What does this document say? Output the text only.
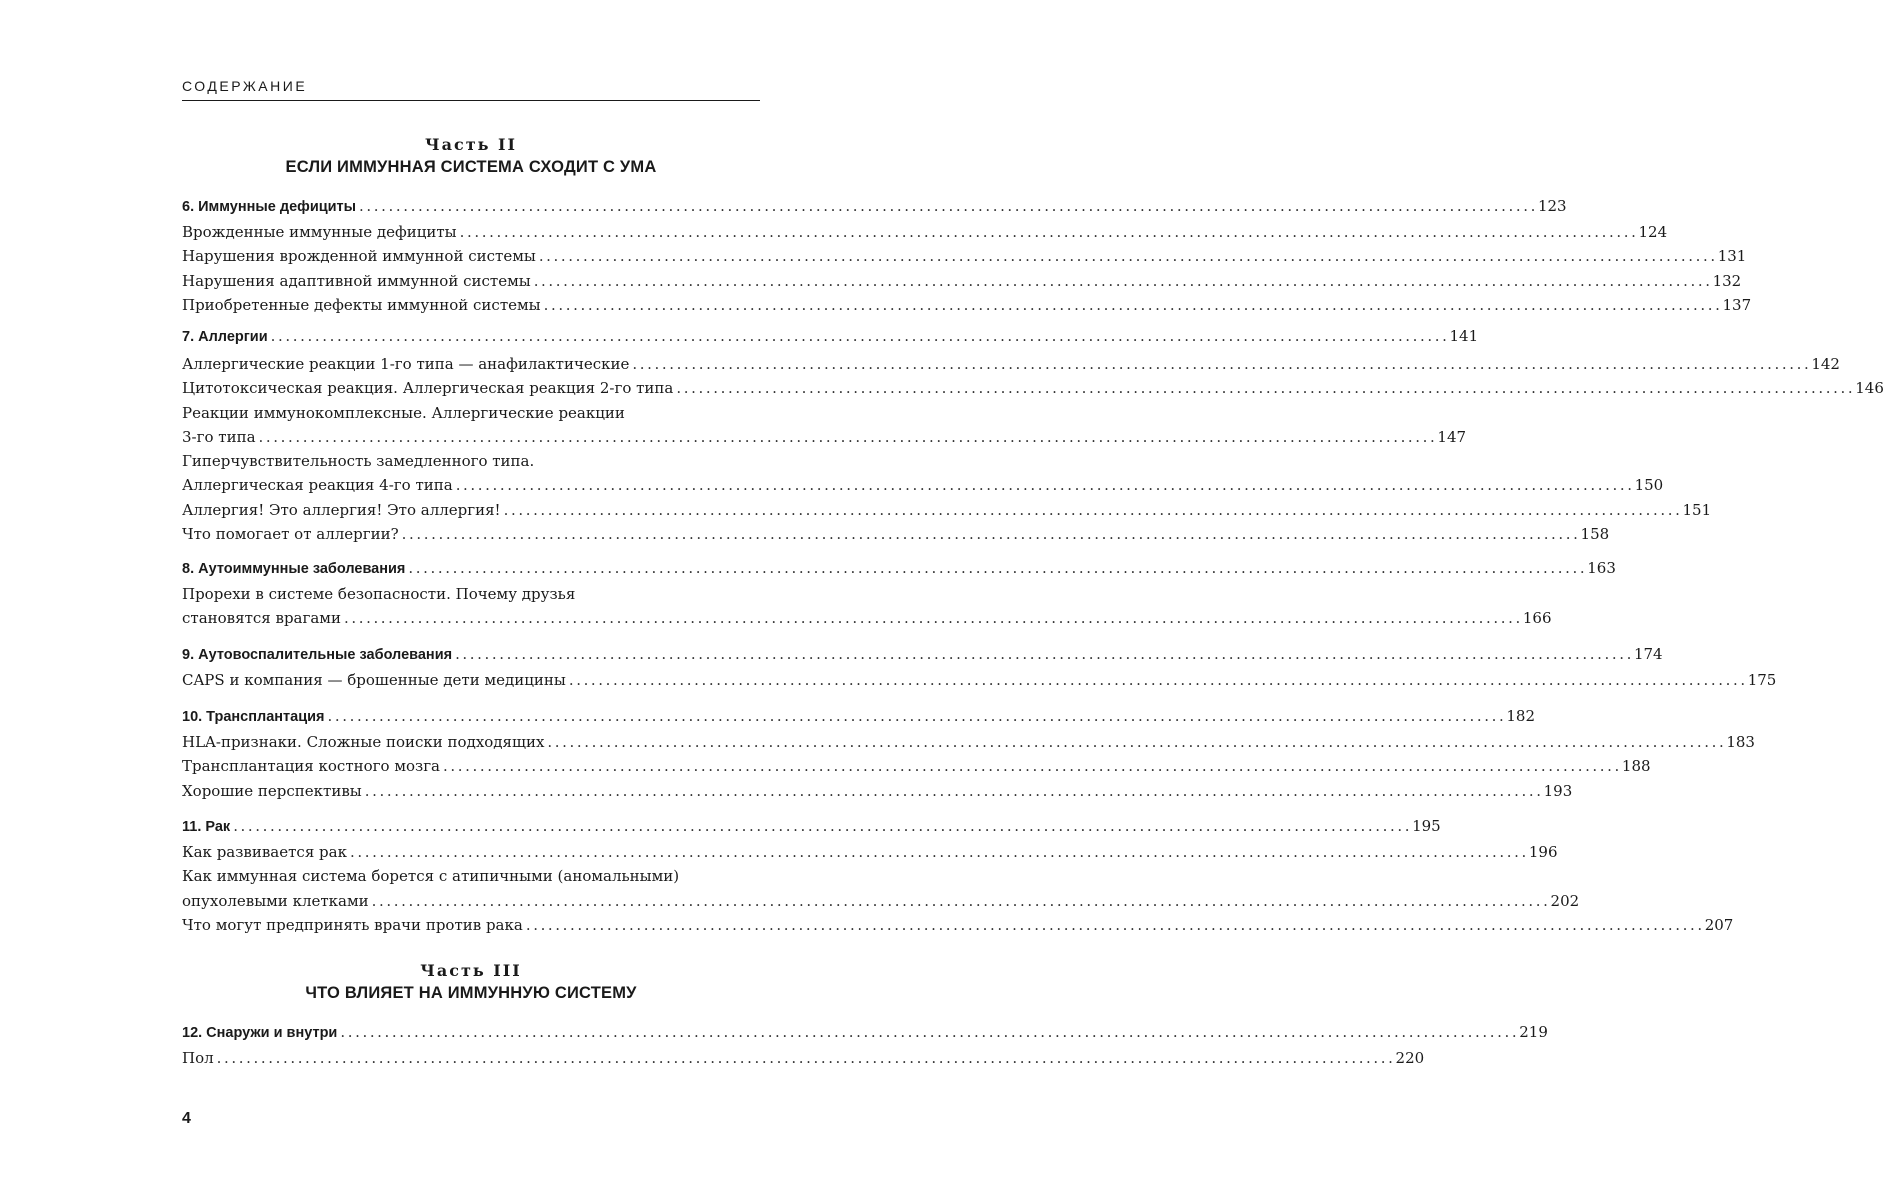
СОДЕРЖАНИЕ
Часть II
ЕСЛИ ИММУННАЯ СИСТЕМА СХОДИТ С УМА
6. Иммунные дефициты ................................................................................................................................................................ 123
Врожденные иммунные дефициты ................................................................................................................................................................ 124
Нарушения врожденной иммунной системы ................................................................................................................................................................ 131
Нарушения адаптивной иммунной системы ................................................................................................................................................................ 132
Приобретенные дефекты иммунной системы ................................................................................................................................................................ 137
7. Аллергии ................................................................................................................................................................ 141
Аллергические реакции 1-го типа — анафилактические ................................................................................................................................................................ 142
Цитотоксическая реакция. Аллергическая реакция 2-го типа ................................................................................................................................................................ 146
Реакции иммунокомплексные. Аллергические реакции
3-го типа ................................................................................................................................................................ 147
Гиперчувствительность замедленного типа.
Аллергическая реакция 4-го типа ................................................................................................................................................................ 150
Аллергия! Это аллергия! Это аллергия! ................................................................................................................................................................ 151
Что помогает от аллергии? ................................................................................................................................................................ 158
8. Аутоиммунные заболевания ................................................................................................................................................................ 163
Прорехи в системе безопасности. Почему друзья
становятся врагами ................................................................................................................................................................ 166
9. Аутовоспалительные заболевания ................................................................................................................................................................ 174
CAPS и компания — брошенные дети медицины ................................................................................................................................................................ 175
10. Трансплантация ................................................................................................................................................................ 182
HLA-признаки. Сложные поиски подходящих ................................................................................................................................................................ 183
Трансплантация костного мозга ................................................................................................................................................................ 188
Хорошие перспективы ................................................................................................................................................................ 193
11. Рак ................................................................................................................................................................ 195
Как развивается рак ................................................................................................................................................................ 196
Как иммунная система борется с атипичными (аномальными)
опухолевыми клетками ................................................................................................................................................................ 202
Что могут предпринять врачи против рака ................................................................................................................................................................ 207
Часть III
ЧТО ВЛИЯЕТ НА ИММУННУЮ СИСТЕМУ
12. Снаружи и внутри ................................................................................................................................................................ 219
Пол ................................................................................................................................................................ 220
4
